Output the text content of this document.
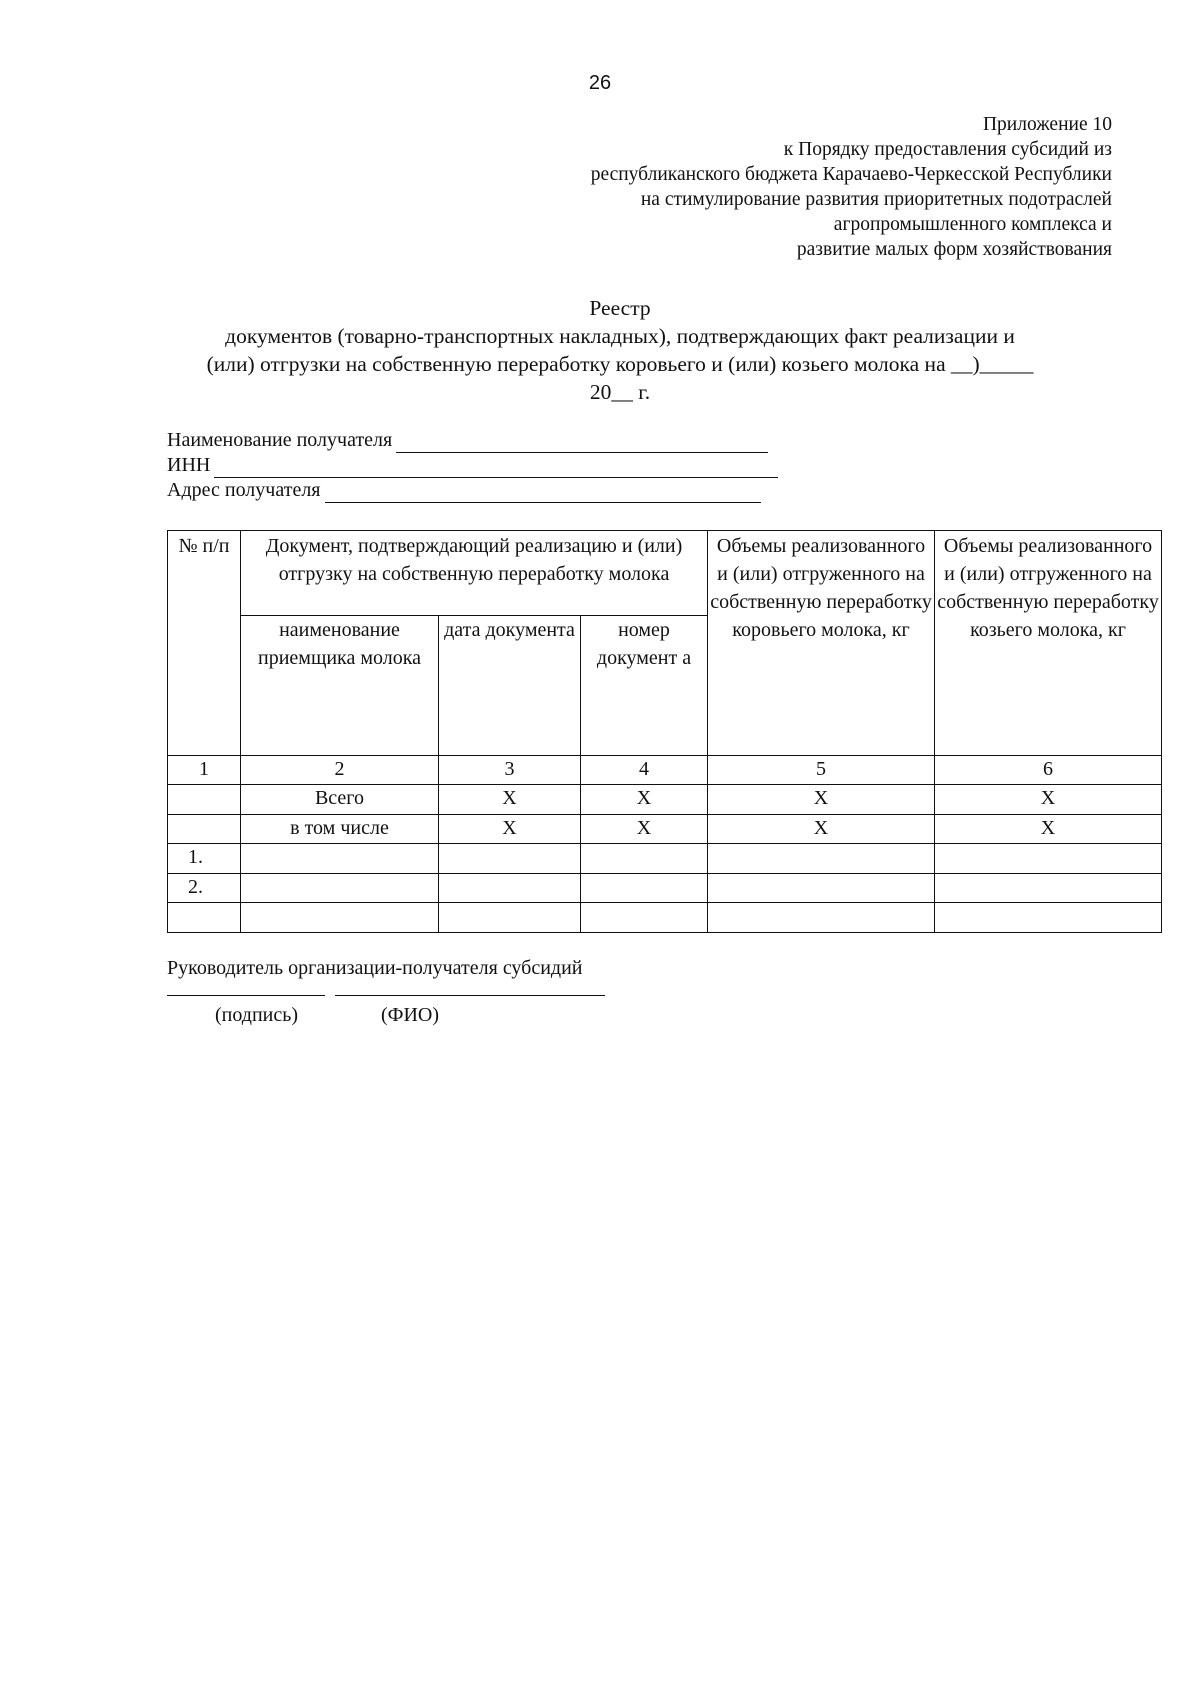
26
Приложение 10
к Порядку предоставления субсидий из
республиканского бюджета Карачаево-Черкесской Республики
на стимулирование развития приоритетных подотраслей
агропромышленного комплекса и
развитие малых форм хозяйствования
Реестр
документов (товарно-транспортных накладных), подтверждающих факт реализации и
(или) отгрузки на собственную переработку коровьего и (или) козьего молока на __)_____
20__ г.
Наименование получателя
ИНН
Адрес получателя
№ п/п	Документ, подтверждающий реализацию и (или) отгрузку на собственную переработку молока			Объемы реализованного и (или) отгруженного на собственную переработку коровьего молока, кг	Объемы реализованного и (или) отгруженного на собственную переработку козьего молока, кг
	наименование приемщика молока	дата документа	номер документ а		
1	2	3	4	5	6
	Всего	Х	Х	Х	Х
	в том числе	Х	Х	Х	Х
1.					
2.					

Руководитель организации-получателя субсидий
(подпись)	(ФИО)
